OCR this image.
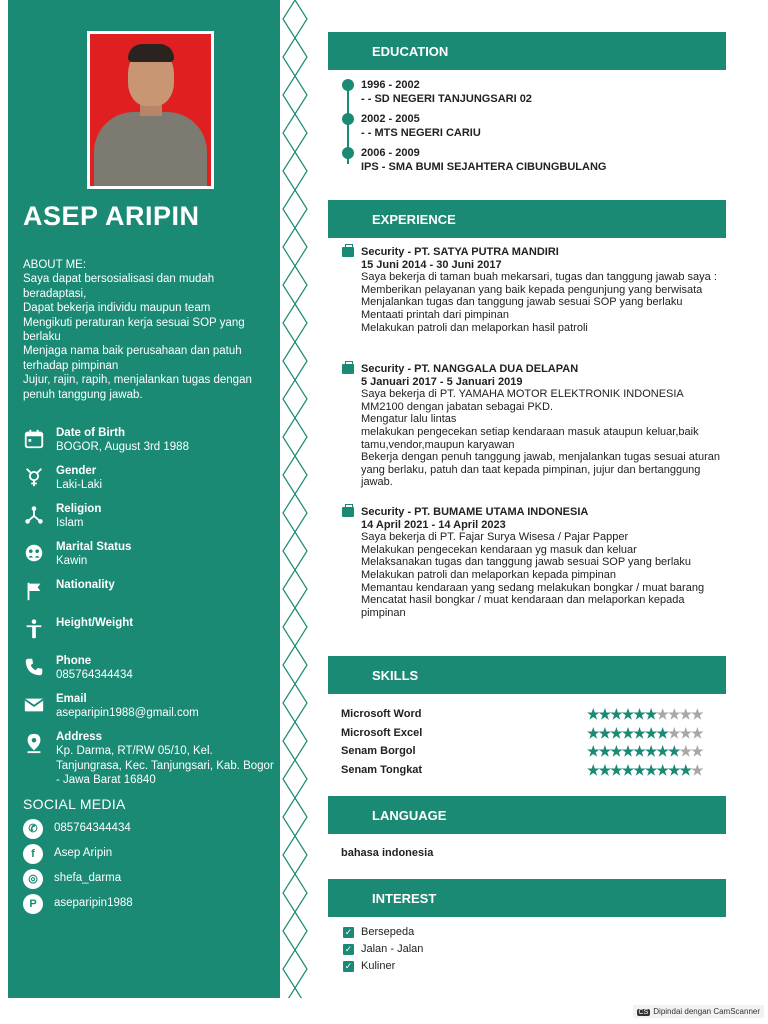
ASEP ARIPIN
ABOUT ME:
Saya dapat bersosialisasi dan mudah beradaptasi,
Dapat bekerja individu maupun team
Mengikuti peraturan kerja sesuai SOP yang berlaku
Menjaga nama baik perusahaan dan patuh terhadap pimpinan
Jujur, rajin, rapih, menjalankan tugas dengan penuh tanggung jawab.
Date of Birth
BOGOR, August 3rd 1988
Gender
Laki-Laki
Religion
Islam
Marital Status
Kawin
Nationality
Height/Weight
Phone
085764344434
Email
aseparipin1988@gmail.com
Address
Kp. Darma, RT/RW 05/10, Kel. Tanjungrasa, Kec. Tanjungsari, Kab. Bogor - Jawa Barat 16840
SOCIAL MEDIA
✆	085764344434
f	Asep Aripin
◎	shefa_darma
P	aseparipin1988
EDUCATION
1996 - 2002
- - SD NEGERI TANJUNGSARI 02
2002 - 2005
- - MTS NEGERI CARIU
2006 - 2009
IPS - SMA BUMI SEJAHTERA CIBUNGBULANG
EXPERIENCE
Security - PT. SATYA PUTRA MANDIRI
15 Juni 2014 - 30 Juni 2017
Saya bekerja di taman buah mekarsari, tugas dan tanggung jawab saya :
Memberikan pelayanan yang baik kepada pengunjung yang berwisata
Menjalankan tugas dan tanggung jawab sesuai SOP yang berlaku
Mentaati printah dari pimpinan
Melakukan patroli dan melaporkan hasil patroli
Security - PT. NANGGALA DUA DELAPAN
5 Januari 2017 - 5 Januari 2019
Saya bekerja di PT. YAMAHA MOTOR ELEKTRONIK INDONESIA MM2100 dengan jabatan sebagai PKD.
Mengatur lalu lintas
melakukan pengecekan setiap kendaraan masuk ataupun keluar,baik tamu,vendor,maupun karyawan
Bekerja dengan penuh tanggung jawab, menjalankan tugas sesuai aturan yang berlaku, patuh dan taat kepada pimpinan, jujur dan bertanggung jawab.
Security - PT. BUMAME UTAMA INDONESIA
14 April 2021 - 14 April 2023
Saya bekerja di PT. Fajar Surya Wisesa / Pajar Papper
Melakukan pengecekan kendaraan yg masuk dan keluar
Melaksanakan tugas dan tanggung jawab sesuai SOP yang berlaku
Melakukan patroli dan melaporkan kepada pimpinan
Memantau kendaraan yang sedang melakukan bongkar / muat barang
Mencatat hasil bongkar / muat kendaraan dan melaporkan kepada pimpinan
SKILLS
Microsoft Word	★★★★★★★★★★
Microsoft Excel	★★★★★★★★★★
Senam Borgol	★★★★★★★★★★
Senam Tongkat	★★★★★★★★★★
LANGUAGE
bahasa indonesia
INTEREST
✓ Bersepeda
✓ Jalan - Jalan
✓ Kuliner
CS Dipindai dengan CamScanner
